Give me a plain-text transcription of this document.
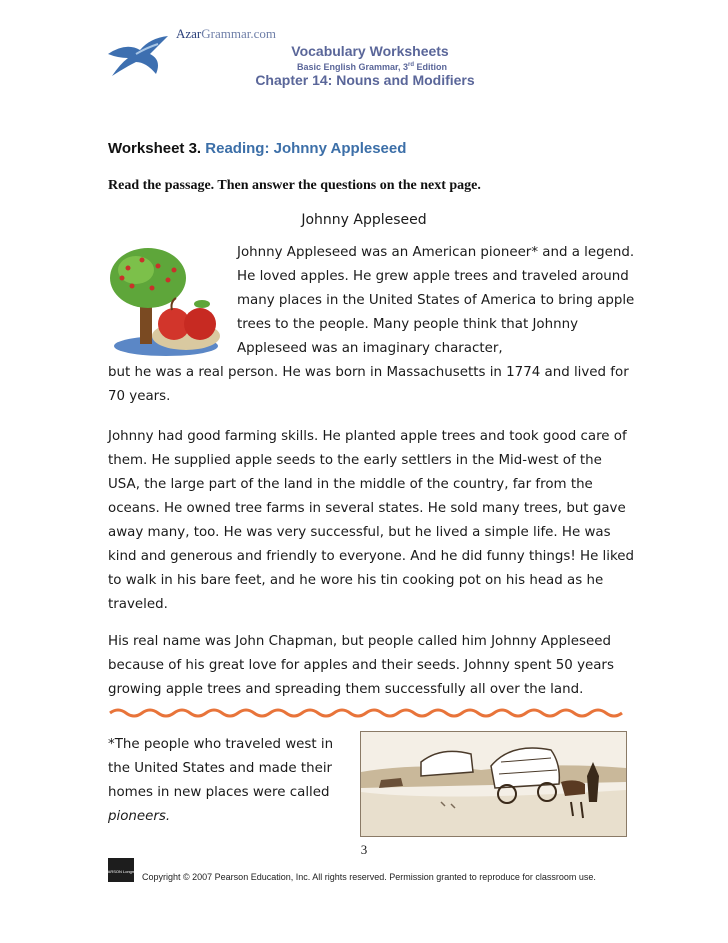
AzarGrammar.com
Vocabulary Worksheets
Basic English Grammar, 3rd Edition
Chapter 14: Nouns and Modifiers
Worksheet 3. Reading: Johnny Appleseed
Read the passage. Then answer the questions on the next page.
Johnny Appleseed
Johnny Appleseed was an American pioneer* and a legend. He loved apples. He grew apple trees and traveled around many places in the United States of America to bring apple trees to the people. Many people think that Johnny Appleseed was an imaginary character,
but he was a real person. He was born in Massachusetts in 1774 and lived for 70 years.
Johnny had good farming skills. He planted apple trees and took good care of them. He supplied apple seeds to the early settlers in the Mid-west of the USA, the large part of the land in the middle of the country, far from the oceans. He owned tree farms in several states. He sold many trees, but gave away many, too. He was very successful, but he lived a simple life. He was kind and generous and friendly to everyone. And he did funny things! He liked to walk in his bare feet, and he wore his tin cooking pot on his head as he traveled.
His real name was John Chapman, but people called him Johnny Appleseed because of his great love for apples and their seeds. Johnny spent 50 years growing apple trees and spreading them successfully all over the land.
*The people who traveled west in the United States and made their homes in new places were called pioneers.
3
PEARSON Longman
Copyright © 2007 Pearson Education, Inc. All rights reserved. Permission granted to reproduce for classroom use.
